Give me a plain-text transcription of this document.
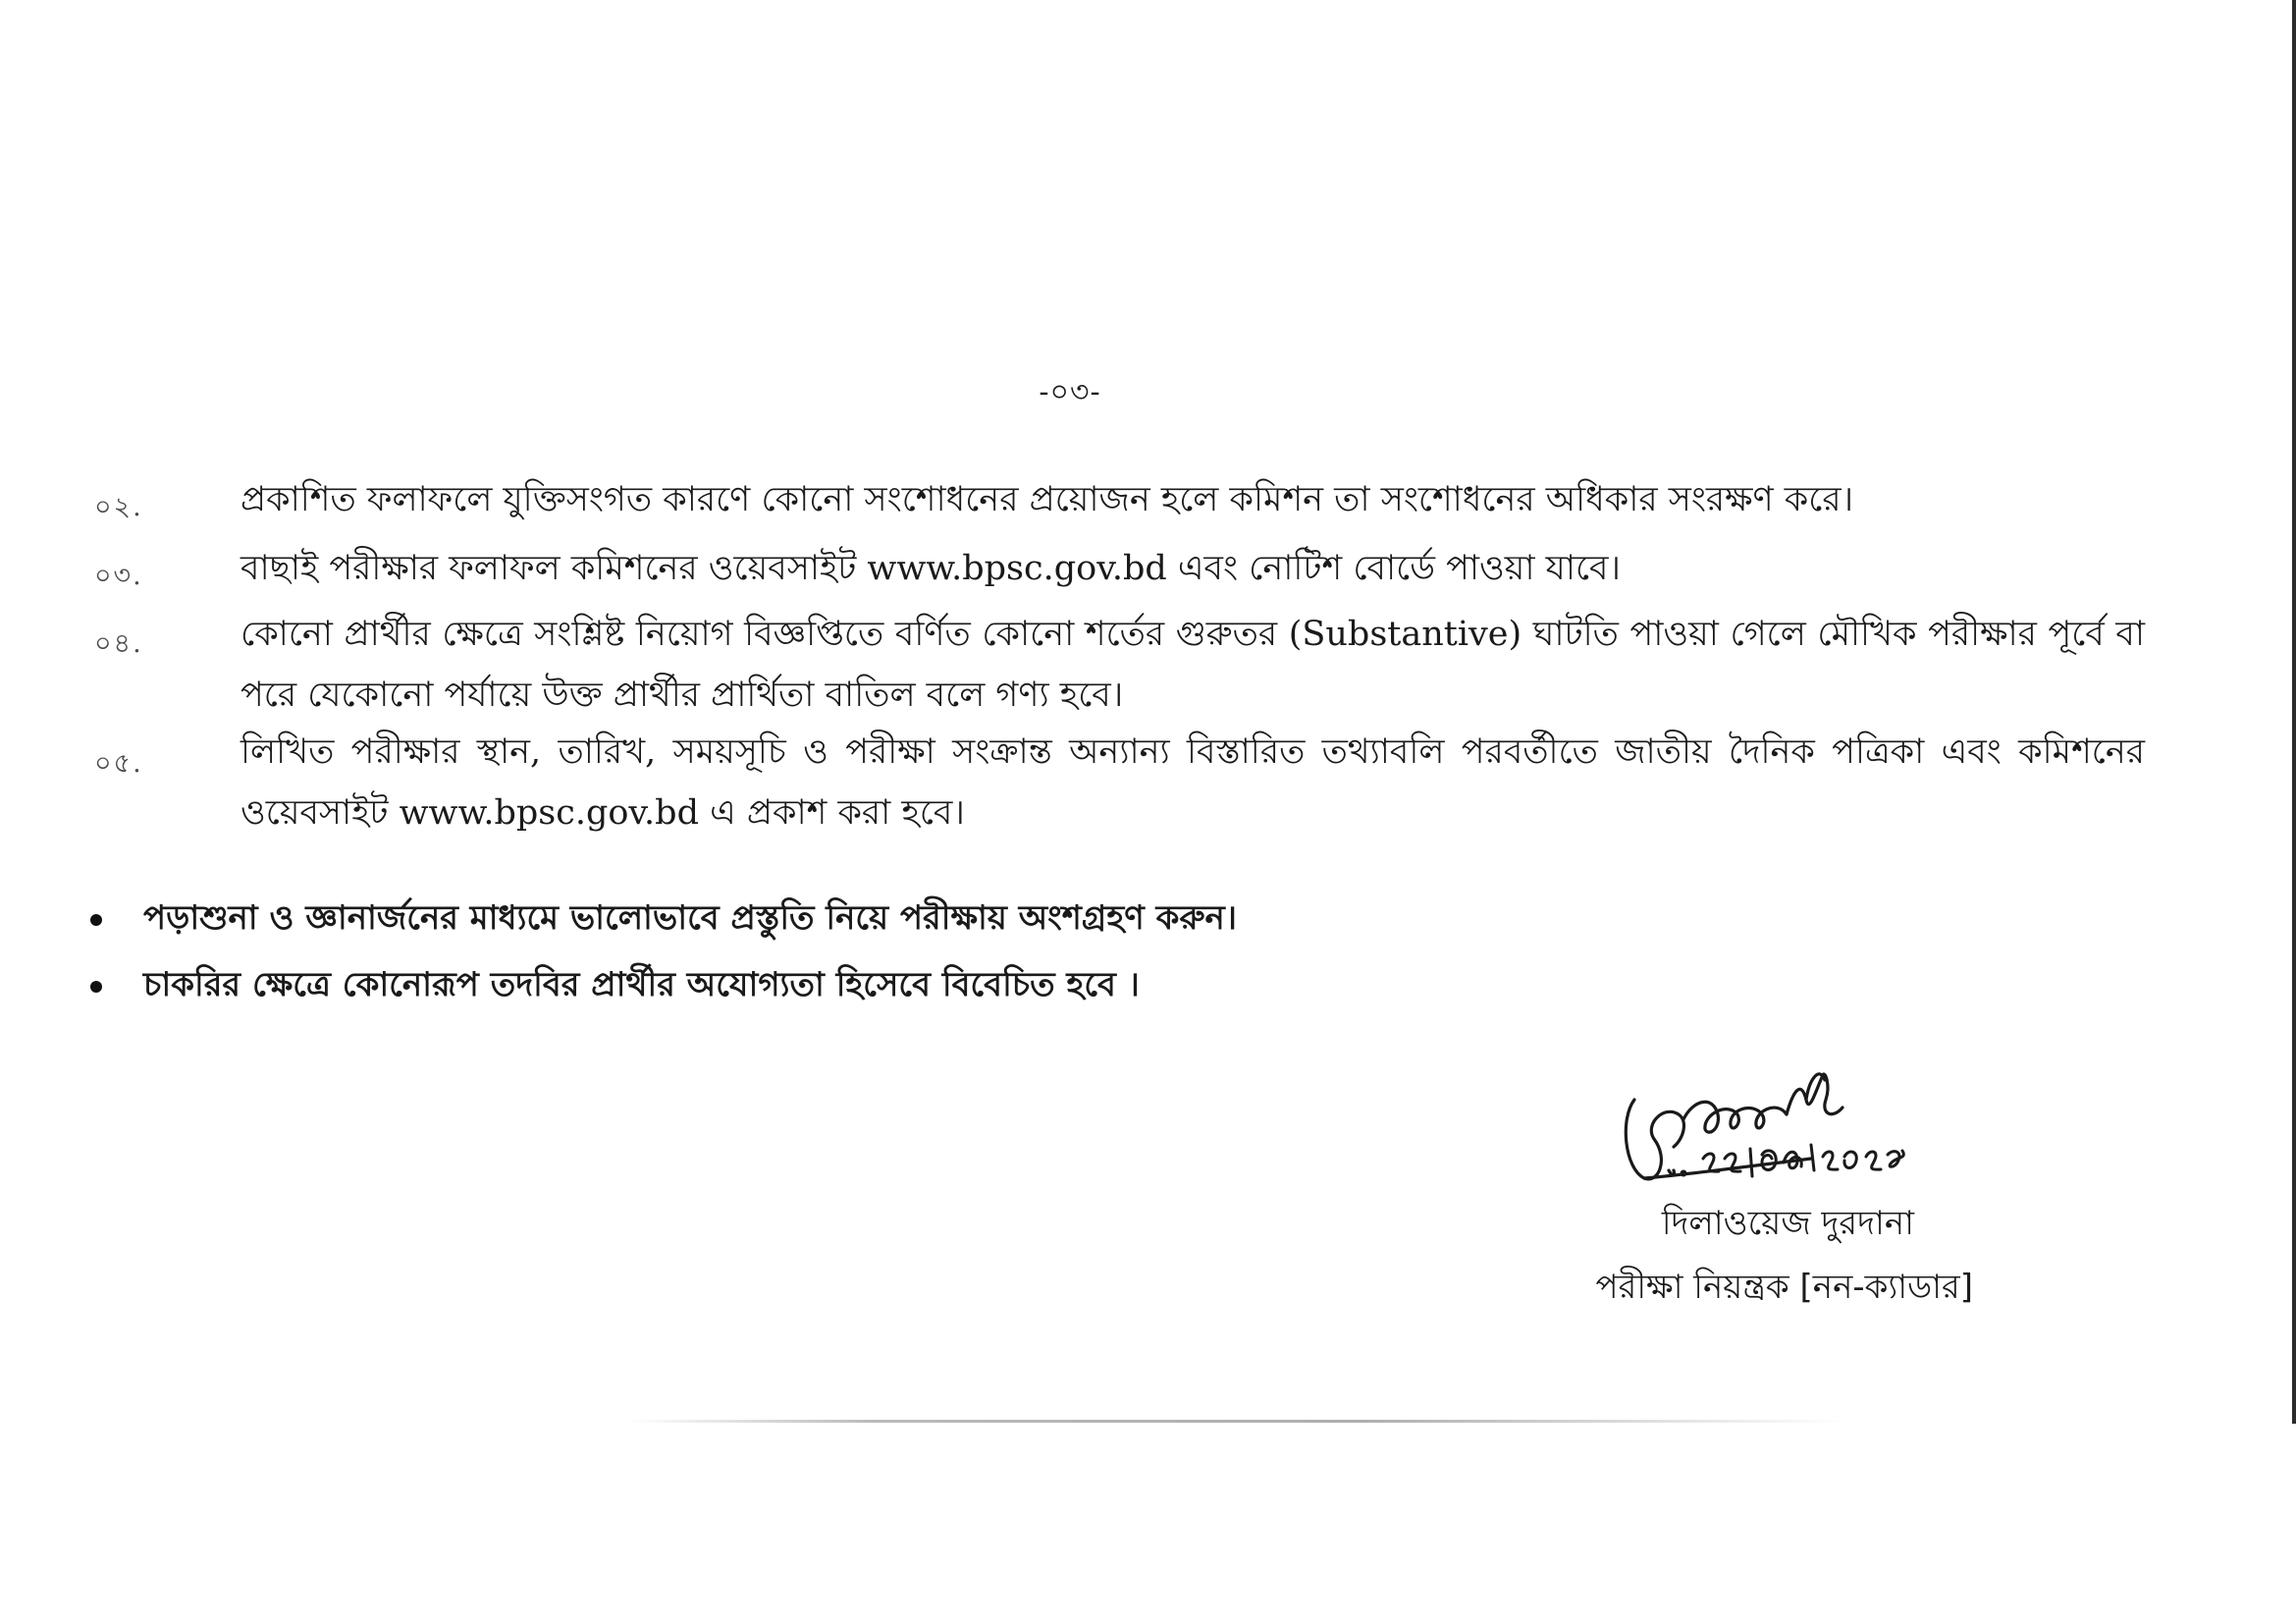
-০৩-
০২.	প্রকাশিত ফলাফলে যুক্তিসংগত কারণে কোনো সংশোধনের প্রয়োজন হলে কমিশন তা সংশোধনের অধিকার সংরক্ষণ করে।
০৩.	বাছাই পরীক্ষার ফলাফল কমিশনের ওয়েবসাইট www.bpsc.gov.bd এবং নোটিশ বোর্ডে পাওয়া যাবে।
০৪.	কোনো প্রার্থীর ক্ষেত্রে সংশ্লিষ্ট নিয়োগ বিজ্ঞপ্তিতে বর্ণিত কোনো শর্তের গুরুতর (Substantive) ঘাটতি পাওয়া গেলে মৌখিক পরীক্ষার পূর্বে বা পরে যেকোনো পর্যায়ে উক্ত প্রার্থীর প্রার্থিতা বাতিল বলে গণ্য হবে।
০৫.	লিখিত পরীক্ষার স্থান, তারিখ, সময়সূচি ও পরীক্ষা সংক্রান্ত অন্যান্য বিস্তারিত তথ্যাবলি পরবর্তীতে জাতীয় দৈনিক পত্রিকা এবং কমিশনের ওয়েবসাইট www.bpsc.gov.bd এ প্রকাশ করা হবে।
পড়াশুনা ও জ্ঞানার্জনের মাধ্যমে ভালোভাবে প্রস্তুতি নিয়ে পরীক্ষায় অংশগ্রহণ করুন।
চাকরির ক্ষেত্রে কোনোরূপ তদবির প্রার্থীর অযোগ্যতা হিসেবে বিবেচিত হবে ।
দিলাওয়েজ দুরদানা
পরীক্ষা নিয়ন্ত্রক [নন-ক্যাডার]
